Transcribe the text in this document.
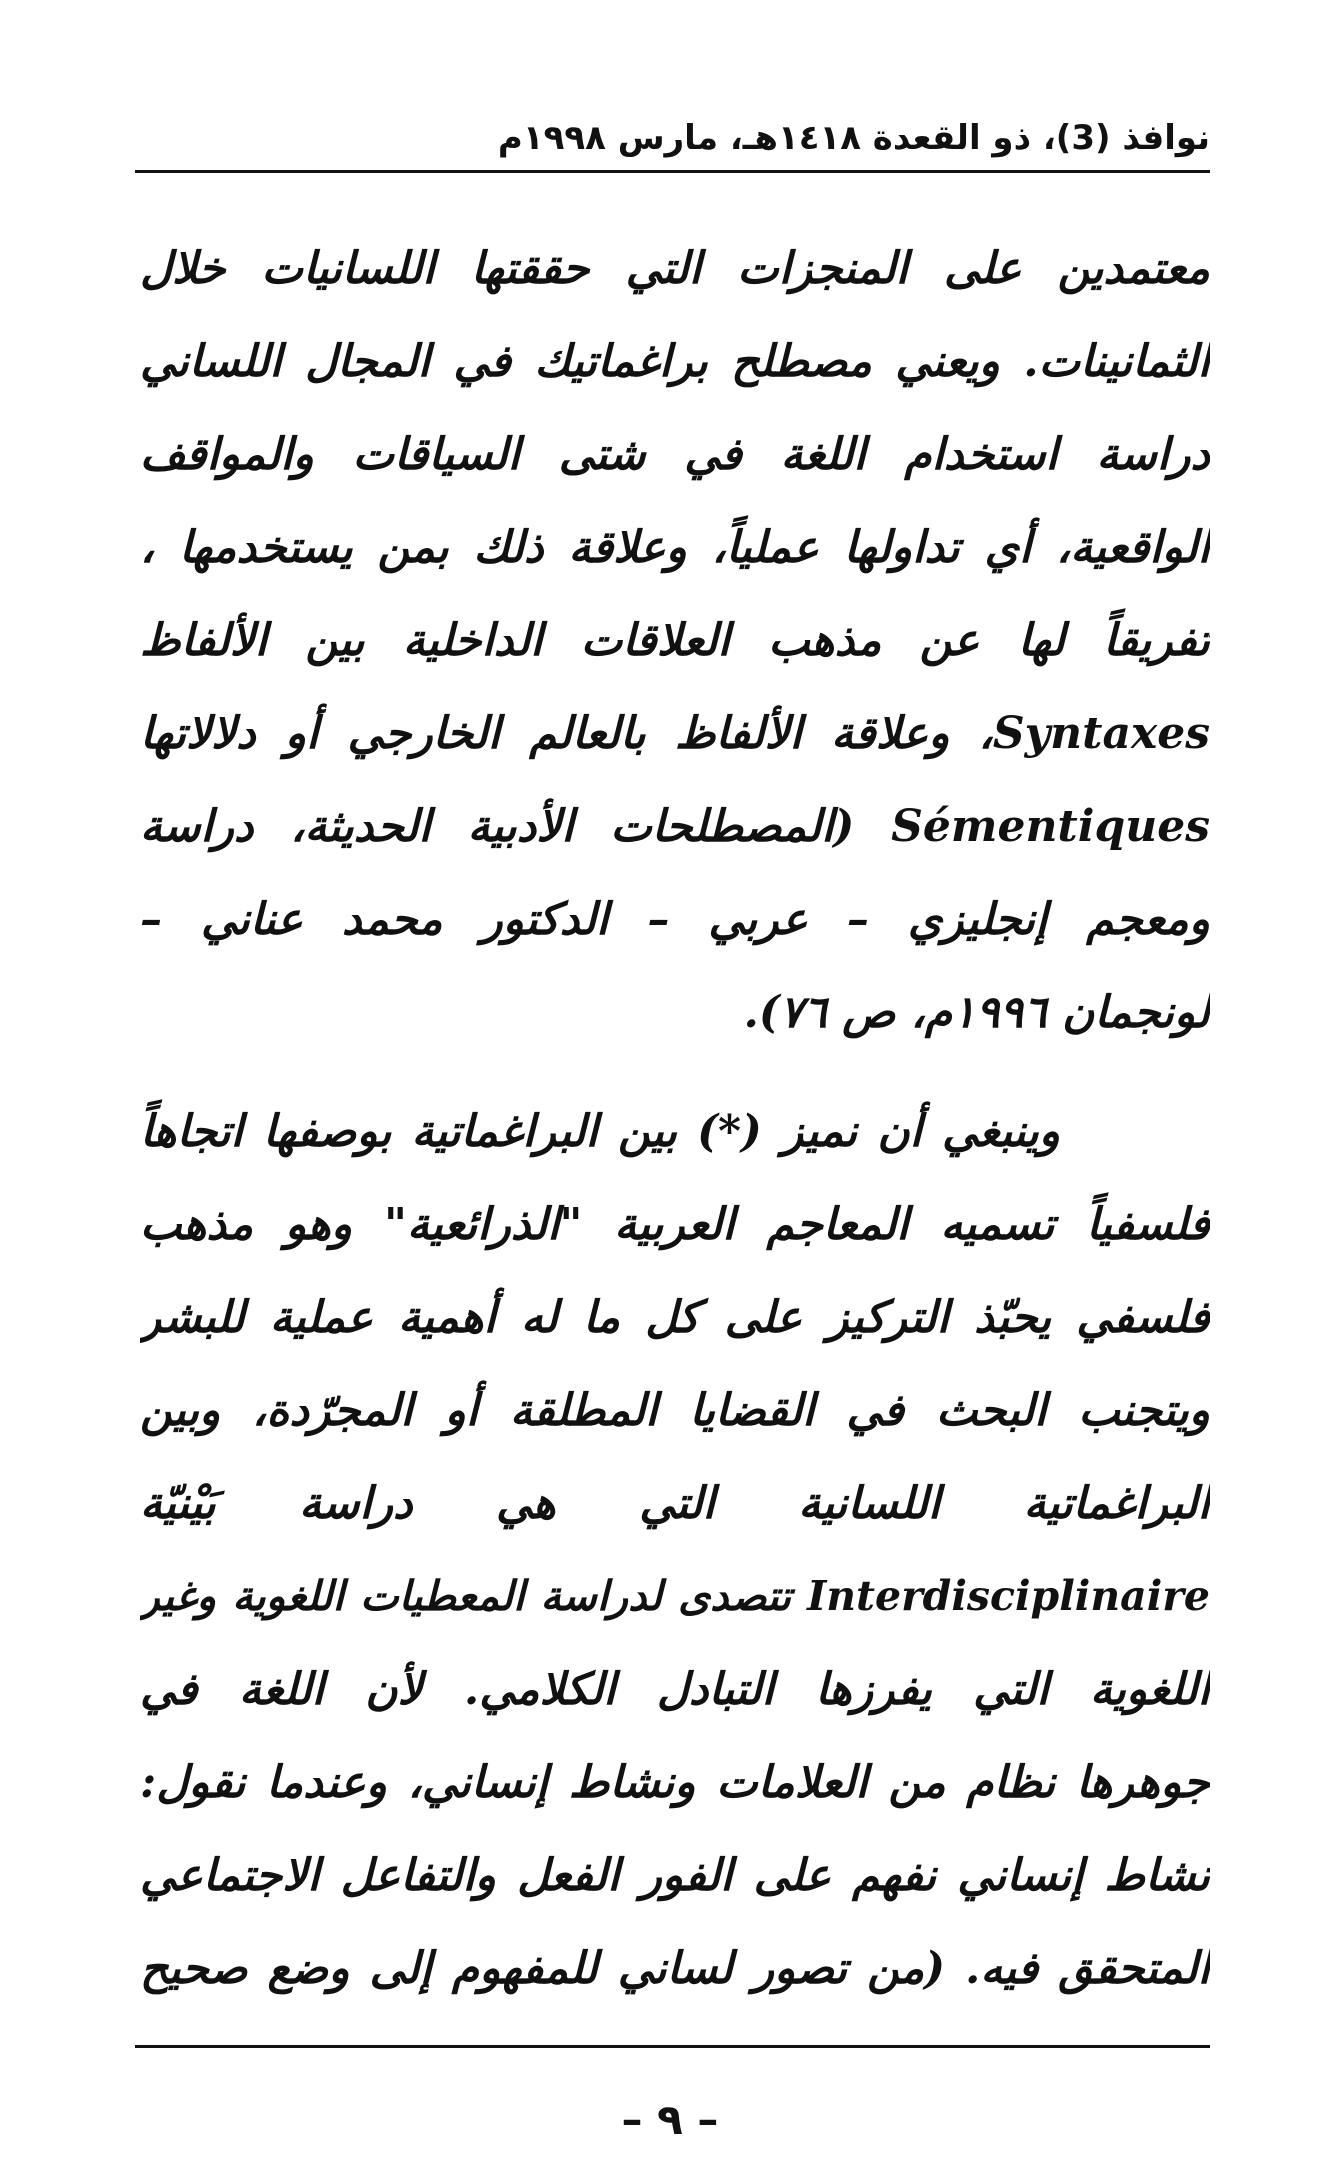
نوافذ (3)، ذو القعدة ١٤١٨هـ، مارس ١٩٩٨م
معتمدين على المنجزات التي حققتها اللسانيات خلال
الثمانينات. ويعني مصطلح براغماتيك في المجال اللساني
دراسة استخدام اللغة في شتى السياقات والمواقف
الواقعية، أي تداولها عملياً، وعلاقة ذلك بمن يستخدمها ،
تفريقاً لها عن مذهب العلاقات الداخلية بين الألفاظ
Syntaxes، وعلاقة الألفاظ بالعالم الخارجي أو دلالاتها
Sémentiques (المصطلحات الأدبية الحديثة، دراسة
ومعجم إنجليزي – عربي – الدكتور محمد عناني –
لونجمان ١٩٩٦م، ص ٧٦).
وينبغي أن نميز (*) بين البراغماتية بوصفها اتجاهاً
فلسفياً تسميه المعاجم العربية "الذرائعية" وهو مذهب
فلسفي يحبّذ التركيز على كل ما له أهمية عملية للبشر
ويتجنب البحث في القضايا المطلقة أو المجرّدة، وبين
البراغماتية اللسانية التي هي دراسة بَيْنيّة
Interdisciplinaire تتصدى لدراسة المعطيات اللغوية وغير
اللغوية التي يفرزها التبادل الكلامي. لأن اللغة في
جوهرها نظام من العلامات ونشاط إنساني، وعندما نقول:
نشاط إنساني نفهم على الفور الفعل والتفاعل الاجتماعي
المتحقق فيه. (من تصور لساني للمفهوم إلى وضع صحيح
– ٩ –
